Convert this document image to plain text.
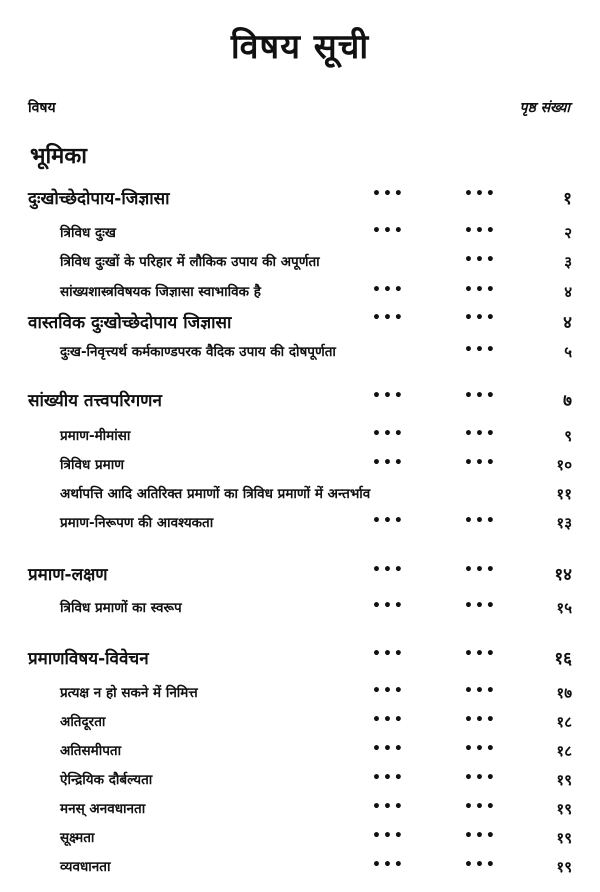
विषय सूची
विषय	पृष्ठ संख्या
भूमिका
दुःखोच्छेदोपाय-जिज्ञासा	•••	•••	१
त्रिविध दुःख	•••	•••	२
त्रिविध दुःखों के परिहार में लौकिक उपाय की अपूर्णता	•••	३
सांख्यशास्त्रविषयक जिज्ञासा स्वाभाविक है	•••	•••	४
वास्तविक दुःखोच्छेदोपाय जिज्ञासा	•••	•••	४
दुःख-निवृत्त्यर्थ कर्मकाण्डपरक वैदिक उपाय की दोषपूर्णता	•••	५
सांख्यीय तत्त्वपरिगणन	•••	•••	७
प्रमाण-मीमांसा	•••	•••	९
त्रिविध प्रमाण	•••	•••	१०
अर्थापत्ति आदि अतिरिक्त प्रमाणों का त्रिविध प्रमाणों में अन्तर्भाव	११
प्रमाण-निरूपण की आवश्यकता	•••	•••	१३
प्रमाण-लक्षण	•••	•••	१४
त्रिविध प्रमाणों का स्वरूप	•••	•••	१५
प्रमाणविषय-विवेचन	•••	•••	१६
प्रत्यक्ष न हो सकने में निमित्त	•••	•••	१७
अतिदूरता	•••	•••	१८
अतिसमीपता	•••	•••	१८
ऐन्द्रियिक दौर्बल्यता	•••	•••	१९
मनस् अनवधानता	•••	•••	१९
सूक्ष्मता	•••	•••	१९
व्यवधानता	•••	•••	१९
